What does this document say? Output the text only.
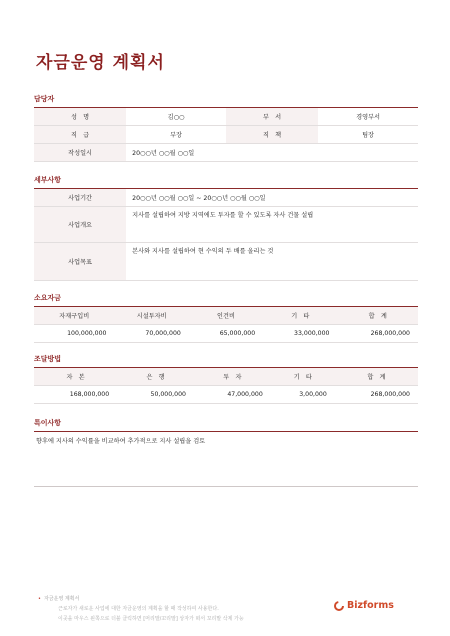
자금운영 계획서
담당자
성　명	김○○	부　서	경영부서
직　급	부장	직　책	팀장
작성일시	20○○년 ○○월 ○○일		
세부사항
사업기간	20○○년 ○○월 ○○일 ~ 20○○년 ○○월 ○○일
사업개요	지사를 설립하여 지방 지역에도 투자를 할 수 있도록 자사 건물 설립
사업목표	본사와 지사를 설립하여 현 수익의 두 배를 올리는 것
소요자금
자재구입비	시설투자비	인건비	기　타	합　계
100,000,000	70,000,000	65,000,000	33,000,000	268,000,000
조달방법
자　본	은　행	투　자	기　타	합　계
168,000,000	50,000,000	47,000,000	3,00,000	268,000,000
특이사항
향후에 지사의 수익률을 비교하여 추가적으로 지사 설립을 검토
• 자금운영 계획서
근로자가 새로운 사업에 대한 자금운영의 계획을 할 때 작성하여 사용한다.
이곳을 마우스 왼쪽으로 더블 클릭하면 [머리말/꼬리말] 상자가 떠서 꼬리말 삭제 가능
Bizforms
